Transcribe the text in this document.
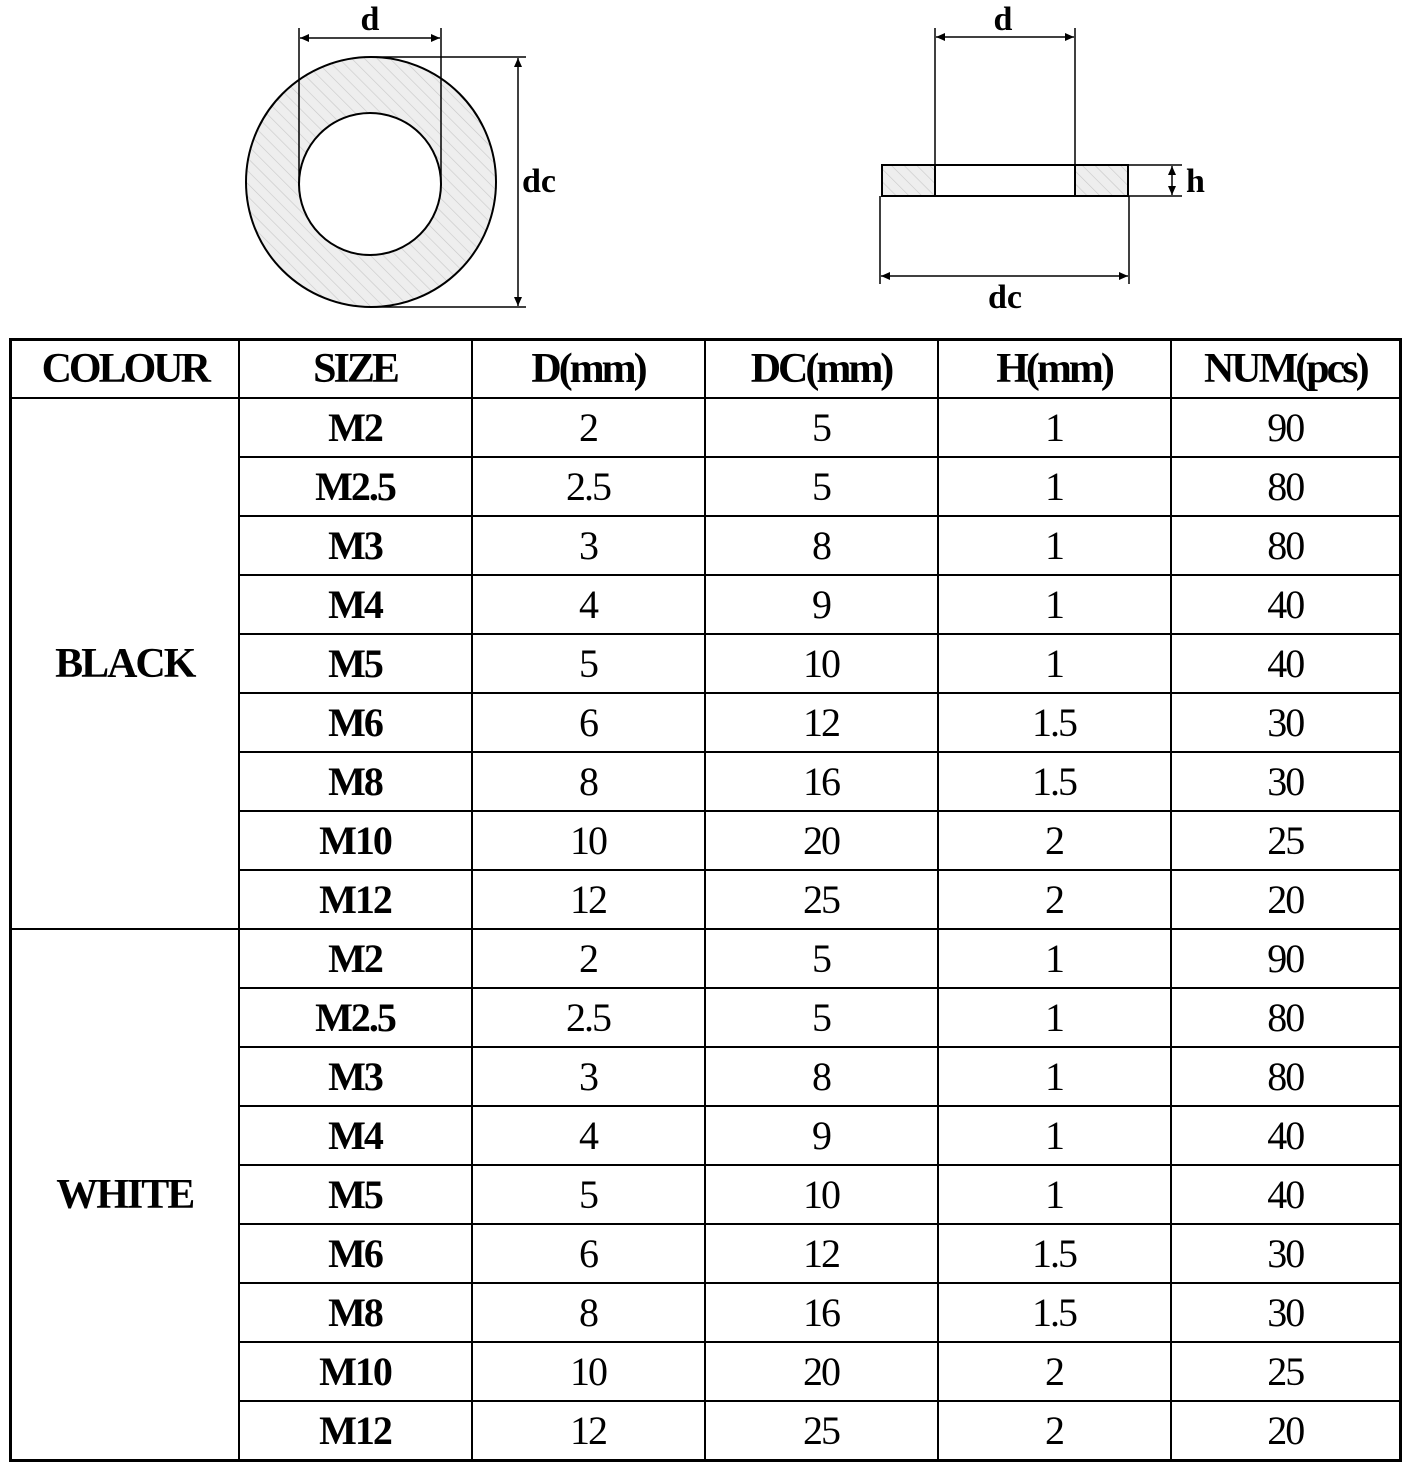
d
dc
d
h
dc
COLOUR	SIZE	D(mm)	DC(mm)	H(mm)	NUM(pcs)
BLACK	M2	2	5	1	90
	M2.5	2.5	5	1	80
	M3	3	8	1	80
	M4	4	9	1	40
	M5	5	10	1	40
	M6	6	12	1.5	30
	M8	8	16	1.5	30
	M10	10	20	2	25
	M12	12	25	2	20
WHITE	M2	2	5	1	90
	M2.5	2.5	5	1	80
	M3	3	8	1	80
	M4	4	9	1	40
	M5	5	10	1	40
	M6	6	12	1.5	30
	M8	8	16	1.5	30
	M10	10	20	2	25
	M12	12	25	2	20
